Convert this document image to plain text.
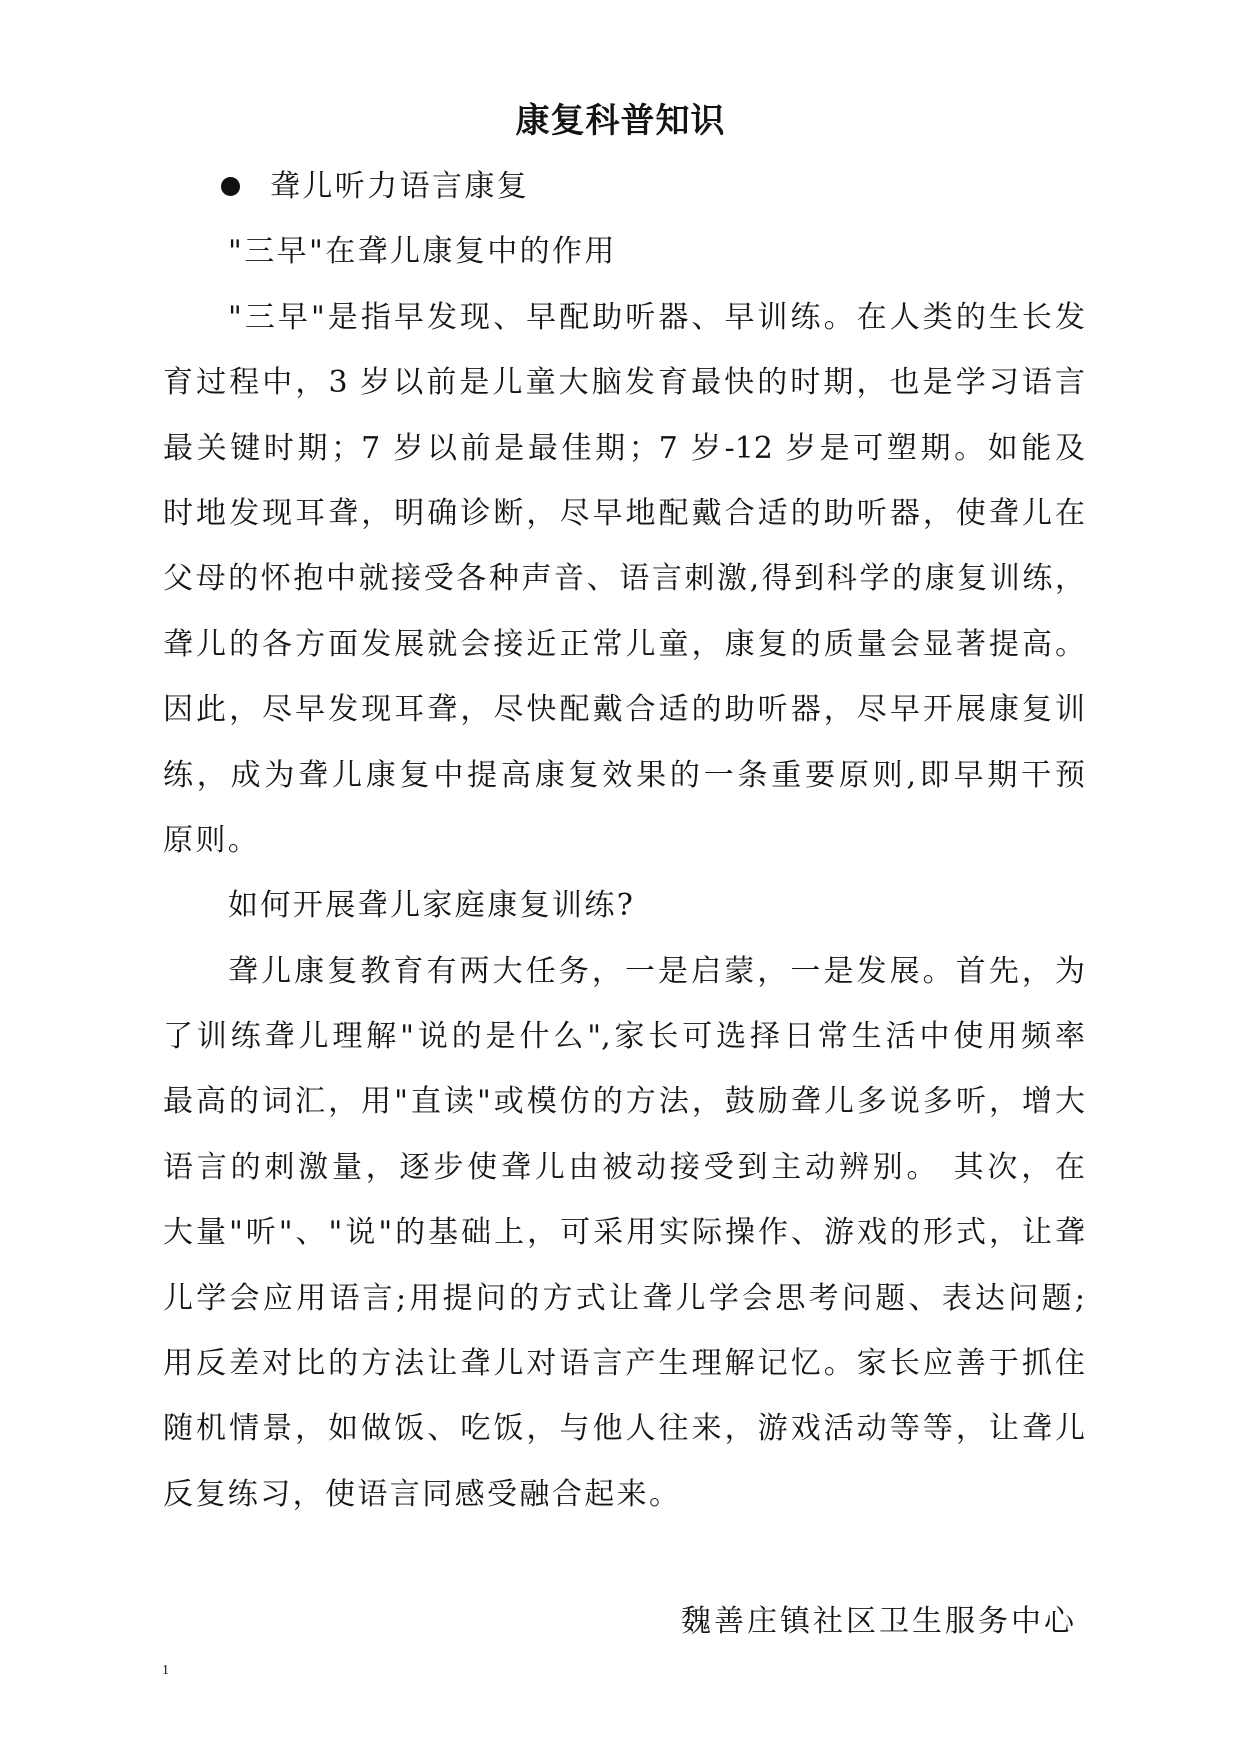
康复科普知识
聋儿听力语言康复
"三早"在聋儿康复中的作用
"三早"是指早发现、早配助听器、早训练。在人类的生长发
育过程中，3 岁以前是儿童大脑发育最快的时期，也是学习语言
最关键时期；7 岁以前是最佳期；7 岁-12 岁是可塑期。如能及
时地发现耳聋，明确诊断，尽早地配戴合适的助听器，使聋儿在
父母的怀抱中就接受各种声音、语言刺激,得到科学的康复训练，
聋儿的各方面发展就会接近正常儿童，康复的质量会显著提高。
因此，尽早发现耳聋，尽快配戴合适的助听器，尽早开展康复训
练，成为聋儿康复中提高康复效果的一条重要原则,即早期干预
原则。
如何开展聋儿家庭康复训练?
聋儿康复教育有两大任务，一是启蒙，一是发展。首先，为
了训练聋儿理解"说的是什么",家长可选择日常生活中使用频率
最高的词汇，用"直读"或模仿的方法，鼓励聋儿多说多听，增大
语言的刺激量，逐步使聋儿由被动接受到主动辨别。 其次，在
大量"听"、"说"的基础上，可采用实际操作、游戏的形式，让聋
儿学会应用语言;用提问的方式让聋儿学会思考问题、表达问题;
用反差对比的方法让聋儿对语言产生理解记忆。家长应善于抓住
随机情景，如做饭、吃饭，与他人往来，游戏活动等等，让聋儿
反复练习，使语言同感受融合起来。
魏善庄镇社区卫生服务中心
1
